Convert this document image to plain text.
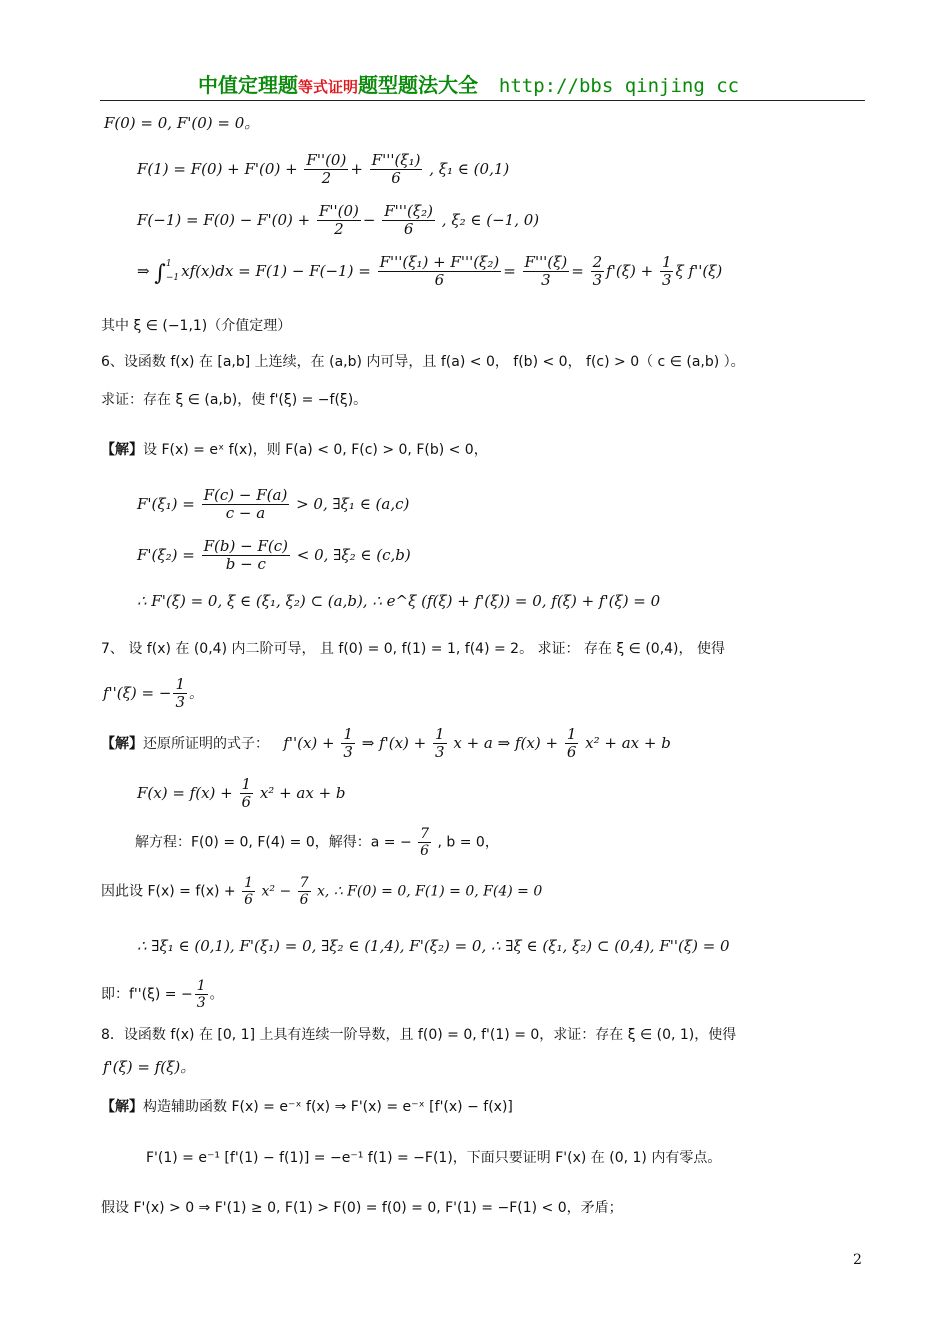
中值定理题等式证明题型题法大全 http://bbs qinjing cc
F(0) = 0, F'(0) = 0。
$F(1) = F(0) + F'(0) + \frac{F''(0)}{2} + \frac{\text{F'''(ξ₁)}}{6}$ , ξ₁ ∈ (0,1)
$F(-1) = F(0) - F'(0) + \frac{F''(0)}{2} - \frac{\text{F'''(ξ₂)}}{6}$ , ξ₂ ∈ (−1, 0)
⇒ ∫1
−1 $xf(x)dx = F(1) - F(-1) = \frac{\text{F'''(ξ₁) + F'''(ξ₂)}}{6} = \frac{F'''(\xi)}{3} = \frac{2}{3} f'(\xi) + \frac{1}{3}$ ξ f''(ξ)
其中 ξ ∈ (−1,1)（介值定理）
6、设函数 f(x) 在 [a,b] 上连续，在 (a,b) 内可导，且 f(a) < 0， f(b) < 0， f(c) > 0（ c ∈ (a,b) ）。
求证：存在 ξ ∈ (a,b)，使 f'(ξ) = −f(ξ)。
【解】设 F(x) = eˣ f(x)，则 F(a) < 0, F(c) > 0, F(b) < 0，
$F'(\xi_1) = \frac{F(c) - F(a)}{c - a} > 0$, ∃ξ₁ ∈ (a,c)
$F'(\xi_2) = \frac{F(b) - F(c)}{b - c} < 0$, ∃ξ₂ ∈ (c,b)
∴ F'(ξ) = 0, ξ ∈ (ξ₁, ξ₂) ⊂ (a,b), ∴ e^ξ (f(ξ) + f'(ξ)) = 0, f(ξ) + f'(ξ) = 0
7、 设 f(x) 在 (0,4) 内二阶可导， 且 f(0) = 0, f(1) = 1, f(4) = 2。 求证： 存在 ξ ∈ (0,4)， 使得
f''(ξ) = − $\frac{1}{3}$ 。
【解】还原所证明的式子： $f''(x) + \frac{1}{3}$ ⇒ $f'(x) + \frac{1}{3}$ x + a ⇒ $f(x) + \frac{1}{6} x^2$ + ax + b
$F(x) = f(x) + \frac{1}{6} x^2$ + ax + b
解方程：F(0) = 0, F(4) = 0，解得：a = − $\frac{7}{6}$ , b = 0，
因此设 $F(x) = f(x) + \frac{1}{6} x^2 - \frac{7}{6} x$, ∴ F(0) = 0, F(1) = 0, F(4) = 0
∴ ∃ξ₁ ∈ (0,1), F'(ξ₁) = 0, ∃ξ₂ ∈ (1,4), F'(ξ₂) = 0, ∴ ∃ξ ∈ (ξ₁, ξ₂) ⊂ (0,4), F''(ξ) = 0
即：f''(ξ) = − $\frac{1}{3}$ 。
8．设函数 f(x) 在 [0, 1] 上具有连续一阶导数，且 f(0) = 0, f'(1) = 0，求证：存在 ξ ∈ (0, 1)，使得
f'(ξ) = f(ξ)。
【解】构造辅助函数 F(x) = e⁻ˣ f(x) ⇒ F'(x) = e⁻ˣ [f'(x) − f(x)]
F'(1) = e⁻¹ [f'(1) − f(1)] = −e⁻¹ f(1) = −F(1)，下面只要证明 F'(x) 在 (0, 1) 内有零点。
假设 F'(x) > 0 ⇒ F'(1) ≥ 0, F(1) > F(0) = f(0) = 0, F'(1) = −F(1) < 0，矛盾；
2
